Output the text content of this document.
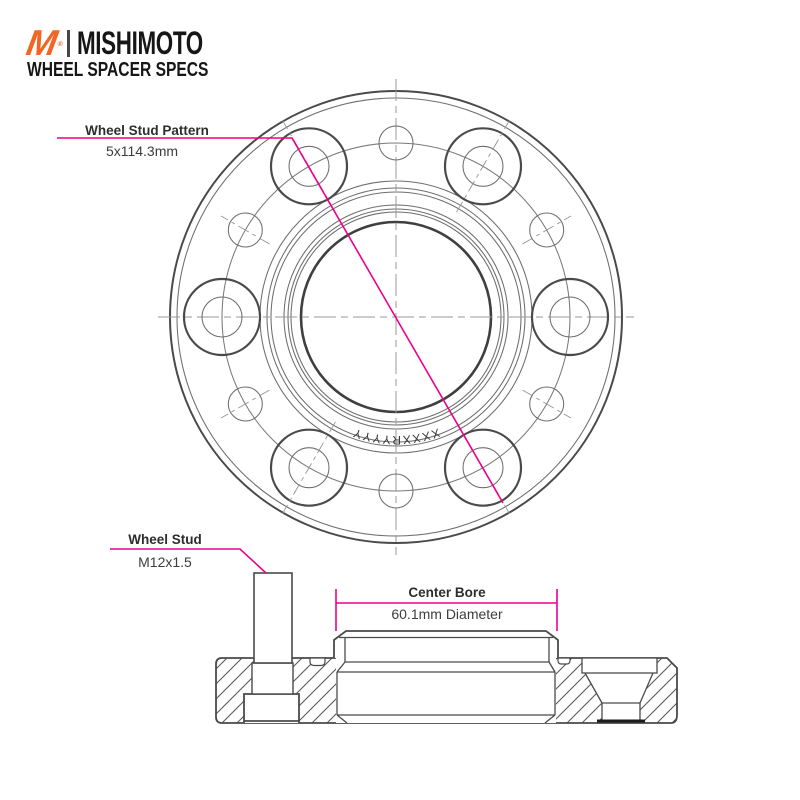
M
® MISHIMOTO
WHEEL SPACER SPECS
Wheel Stud Pattern
5x114.3mm
Wheel Stud
M12x1.5
Center Bore
60.1mm Diameter
XXXXRYYYY
